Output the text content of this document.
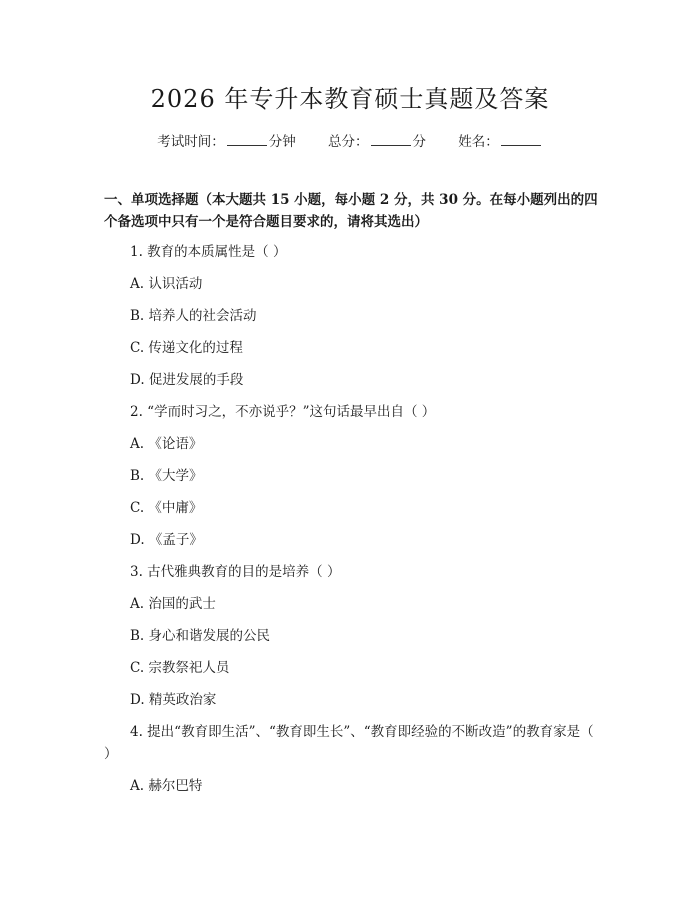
2026 年专升本教育硕士真题及答案
考试时间：	分钟 总分：	分 姓名：
一、单项选择题（本大题共 15 小题，每小题 2 分，共 30 分。在每小题列出的四个备选项中只有一个是符合题目要求的，请将其选出）
1. 教育的本质属性是（ ）
A. 认识活动
B. 培养人的社会活动
C. 传递文化的过程
D. 促进发展的手段
2. “学而时习之，不亦说乎？”这句话最早出自（ ）
A. 《论语》
B. 《大学》
C. 《中庸》
D. 《孟子》
3. 古代雅典教育的目的是培养（ ）
A. 治国的武士
B. 身心和谐发展的公民
C. 宗教祭祀人员
D. 精英政治家
4. 提出“教育即生活”、“教育即生长”、“教育即经验的不断改造”的教育家是（ ）
A. 赫尔巴特
